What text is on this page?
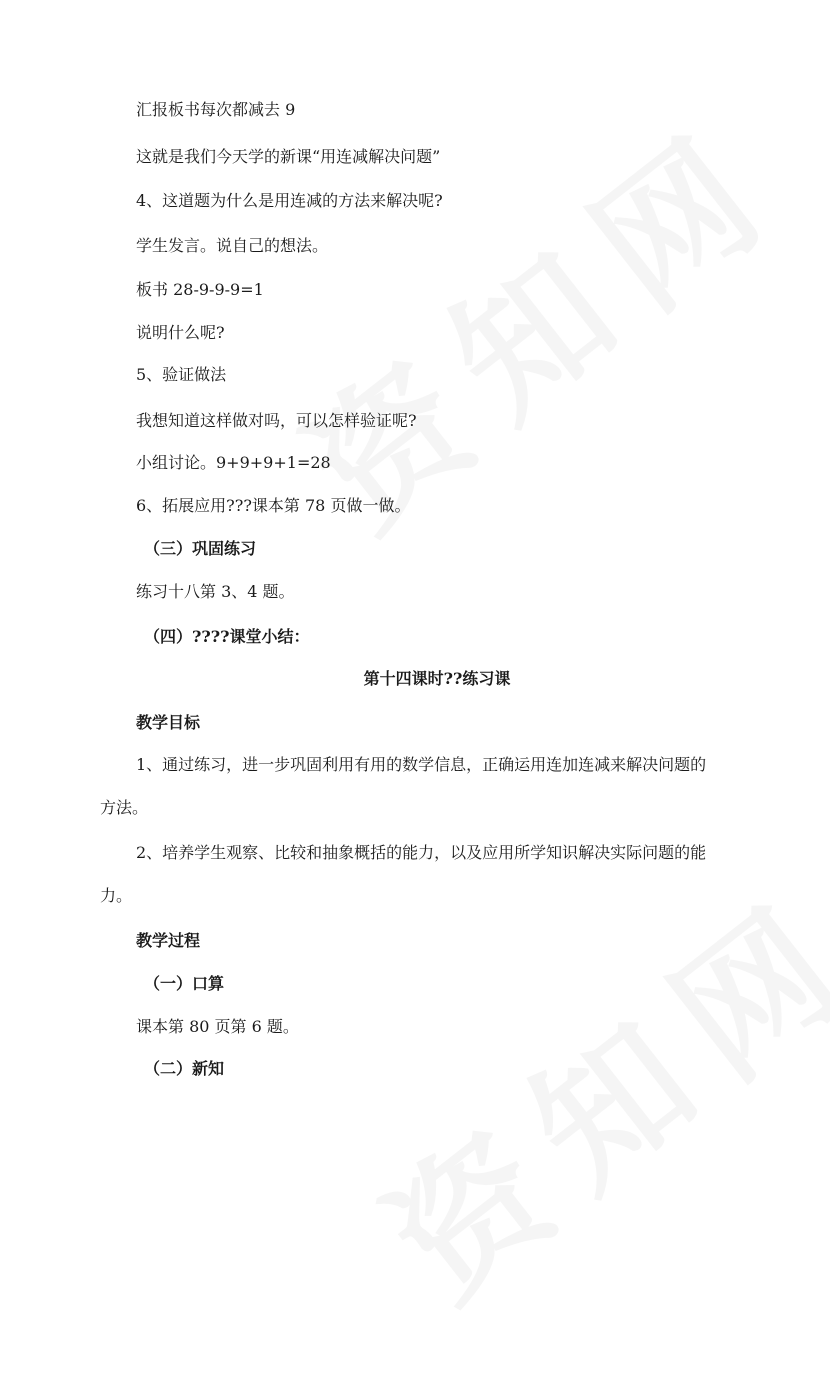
汇报板书每次都减去 9

这就是我们今天学的新课“用连减解决问题”

4、这道题为什么是用连减的方法来解决呢?

学生发言。说自己的想法。

板书 28-9-9-9=1

说明什么呢?

5、验证做法

我想知道这样做对吗，可以怎样验证呢?

小组讨论。9+9+9+1=28

6、拓展应用???课本第 78 页做一做。

（三）巩固练习

练习十八第 3、4 题。

（四）????课堂小结：

第十四课时??练习课

教学目标

1、通过练习，进一步巩固利用有用的数学信息，正确运用连加连减来解决问题的

方法。

2、培养学生观察、比较和抽象概括的能力，以及应用所学知识解决实际问题的能

力。

教学过程

（一）口算

课本第 80 页第 6 题。

（二）新知
